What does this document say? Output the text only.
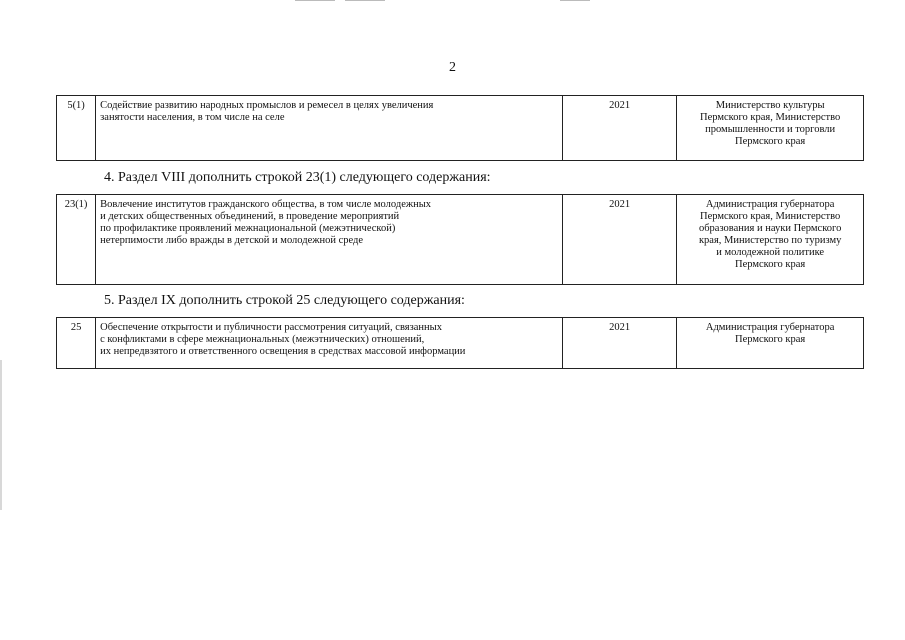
2
5(1)	Содействие развитию народных промыслов и ремесел в целях увеличения
занятости населения, в том числе на селе	2021	Министерство культуры
Пермского края, Министерство
промышленности и торговли
Пермского края
4. Раздел VIII дополнить строкой 23(1) следующего содержания:
23(1)	Вовлечение институтов гражданского общества, в том числе молодежных
и детских общественных объединений, в проведение мероприятий
по профилактике проявлений межнациональной (межэтнической)
нетерпимости либо вражды в детской и молодежной среде	2021	Администрация губернатора
Пермского края, Министерство
образования и науки Пермского
края, Министерство по туризму
и молодежной политике
Пермского края
5. Раздел IX дополнить строкой 25 следующего содержания:
25	Обеспечение открытости и публичности рассмотрения ситуаций, связанных
с конфликтами в сфере межнациональных (межэтнических) отношений,
их непредвзятого и ответственного освещения в средствах массовой информации	2021	Администрация губернатора
Пермского края
